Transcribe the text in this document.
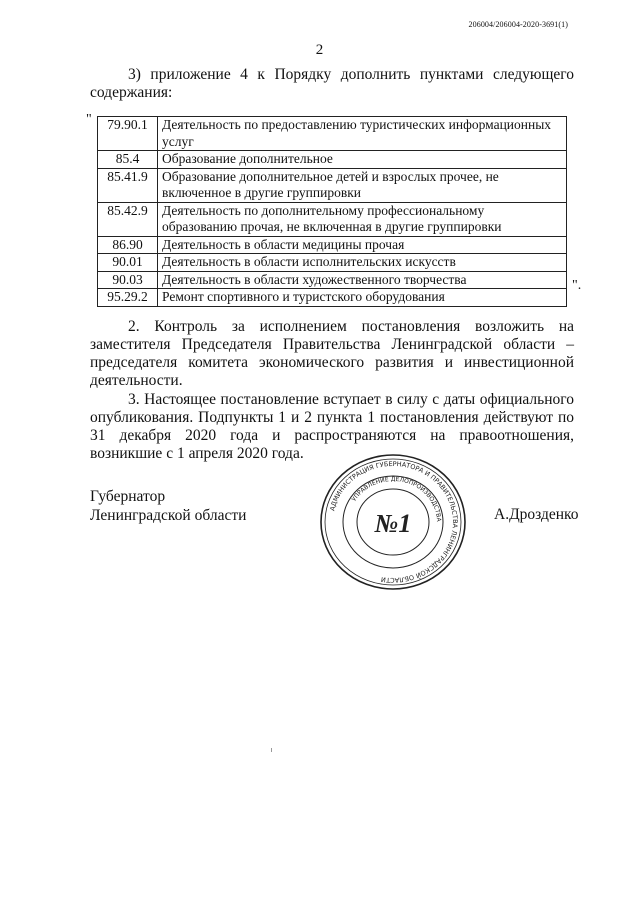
206004/206004-2020-3691(1)
2
3) приложение 4 к Порядку дополнить пунктами следующего содержания:
" 79.90.1	Деятельность по предоставлению туристических информационных услуг
85.4	Образование дополнительное
85.41.9	Образование дополнительное детей и взрослых прочее, не включенное в другие группировки
85.42.9	Деятельность по дополнительному профессиональному образованию прочая, не включенная в другие группировки
86.90	Деятельность в области медицины прочая
90.01	Деятельность в области исполнительских искусств
90.03	Деятельность в области художественного творчества
95.29.2	Ремонт спортивного и туристского оборудования
".
2. Контроль за исполнением постановления возложить на заместителя Председателя Правительства Ленинградской области – председателя комитета экономического развития и инвестиционной деятельности.
3. Настоящее постановление вступает в силу с даты официального опубликования. Подпункты 1 и 2 пункта 1 постановления действуют по 31 декабря 2020 года и распространяются на правоотношения, возникшие с 1 апреля 2020 года.
Губернатор
Ленинградской области	А.Дрозденко
АДМИНИСТРАЦИЯ ГУБЕРНАТОРА И ПРАВИТЕЛЬСТВА ЛЕНИНГРАДСКОЙ ОБЛАСТИ
УПРАВЛЕНИЕ ДЕЛОПРОИЗВОДСТВА
№1
